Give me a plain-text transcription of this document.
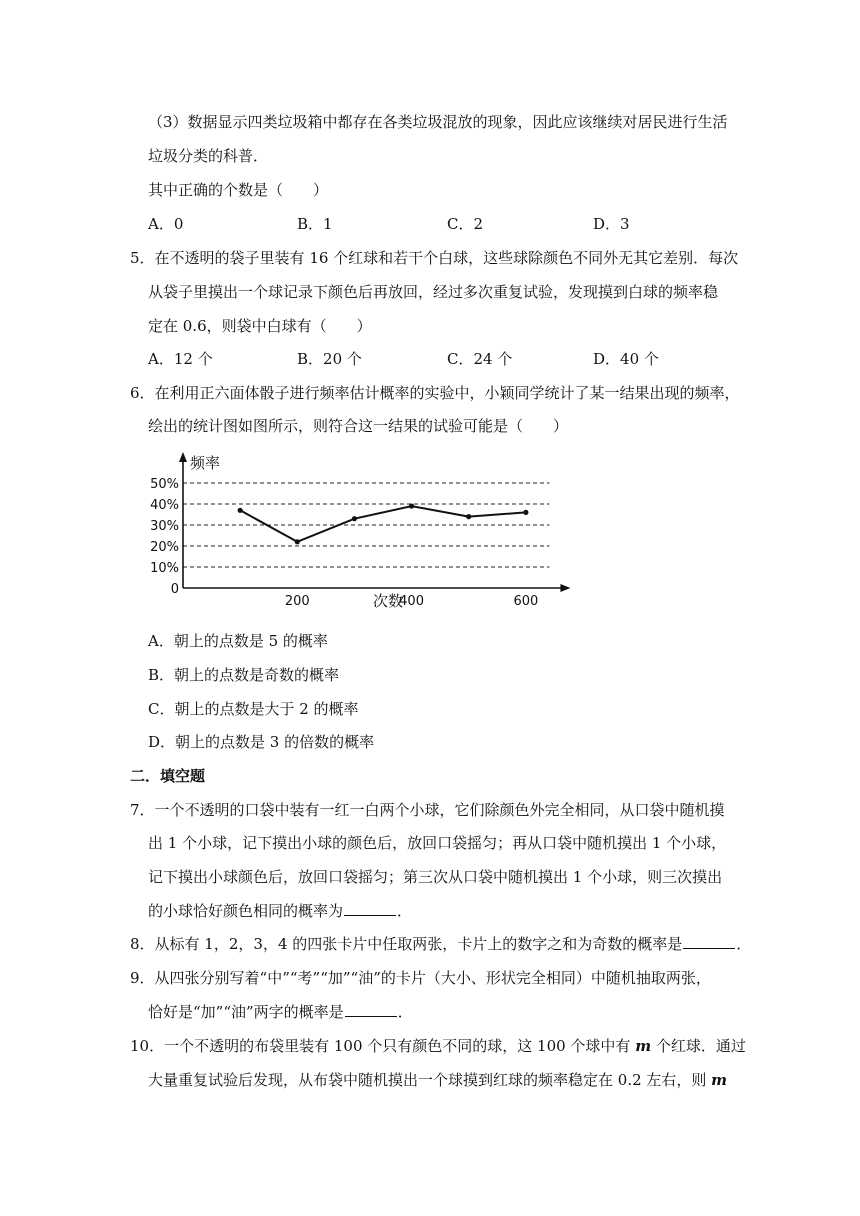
（3）数据显示四类垃圾箱中都存在各类垃圾混放的现象，因此应该继续对居民进行生活
垃圾分类的科普．
其中正确的个数是（　　）
A．0	B．1	C．2	D．3
5．在不透明的袋子里装有 16 个红球和若干个白球，这些球除颜色不同外无其它差别．每次
从袋子里摸出一个球记录下颜色后再放回，经过多次重复试验，发现摸到白球的频率稳
定在 0.6，则袋中白球有（　　）
A．12 个	B．20 个	C．24 个	D．40 个
6．在利用正六面体骰子进行频率估计概率的实验中，小颖同学统计了某一结果出现的频率，
绘出的统计图如图所示，则符合这一结果的试验可能是（　　）
0
10%
20%
30%
40%
50%
200	400	600
频率
次数
A．朝上的点数是 5 的概率
B．朝上的点数是奇数的概率
C．朝上的点数是大于 2 的概率
D．朝上的点数是 3 的倍数的概率
二．填空题
7．一个不透明的口袋中装有一红一白两个小球，它们除颜色外完全相同，从口袋中随机摸
出 1 个小球，记下摸出小球的颜色后，放回口袋摇匀；再从口袋中随机摸出 1 个小球，
记下摸出小球颜色后，放回口袋摇匀；第三次从口袋中随机摸出 1 个小球，则三次摸出
的小球恰好颜色相同的概率为	．
8．从标有 1，2，3，4 的四张卡片中任取两张，卡片上的数字之和为奇数的概率是	．
9．从四张分别写着“中”“考”“加”“油”的卡片（大小、形状完全相同）中随机抽取两张，
恰好是“加”“油”两字的概率是	．
10．一个不透明的布袋里装有 100 个只有颜色不同的球，这 100 个球中有 m 个红球．通过
大量重复试验后发现，从布袋中随机摸出一个球摸到红球的频率稳定在 0.2 左右，则 m
